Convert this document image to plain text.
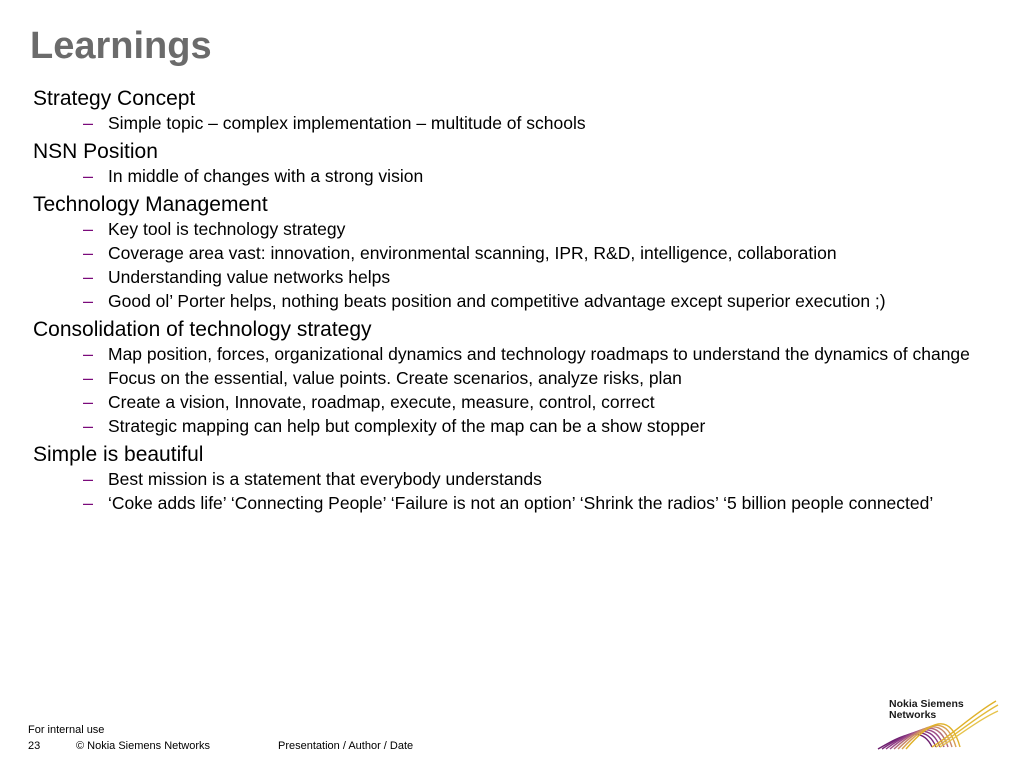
Learnings
Strategy Concept
– Simple topic – complex implementation – multitude of schools
NSN Position
– In middle of changes with a strong vision
Technology Management
– Key tool is technology strategy
– Coverage area vast: innovation, environmental scanning, IPR, R&D, intelligence, collaboration
– Understanding value networks helps
– Good ol’ Porter helps, nothing beats position and competitive advantage except superior execution ;)
Consolidation of technology strategy
– Map position, forces, organizational dynamics and technology roadmaps to understand the dynamics of change
– Focus on the essential, value points. Create scenarios, analyze risks, plan
– Create a vision, Innovate, roadmap, execute, measure, control, correct
– Strategic mapping can help but complexity of the map can be a show stopper
Simple is beautiful
– Best mission is a statement that everybody understands
– ‘Coke adds life’ ‘Connecting People’ ‘Failure is not an option’ ‘Shrink the radios’ ‘5 billion people connected’
For internal use
23	© Nokia Siemens Networks	Presentation / Author / Date
Nokia Siemens
Networks
